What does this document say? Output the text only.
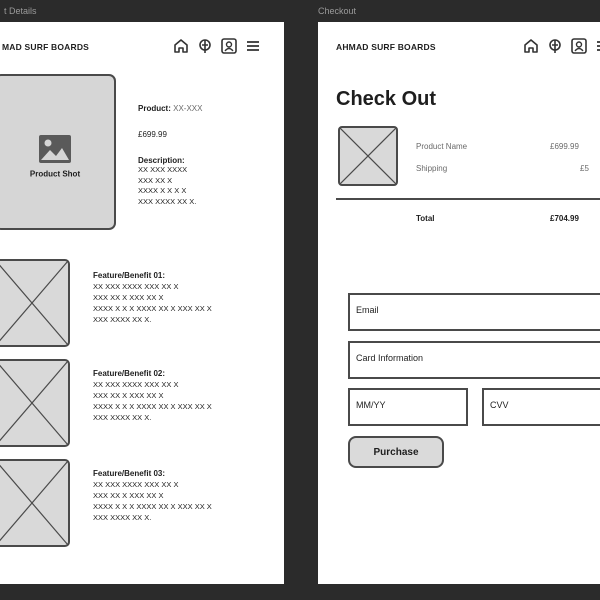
t Details	Checkout
MAD SURF BOARDS
Product Shot
Product: XX-XXX
£699.99
Description:
XX XXX XXXX
XXX XX X
XXXX X X X X
XXX XXXX XX X.
Feature/Benefit 01:
XX XXX XXXX XXX XX X
XXX XX X XXX XX X
XXXX X X X XXXX XX X XXX XX X
XXX XXXX XX X.
Feature/Benefit 02:
XX XXX XXXX XXX XX X
XXX XX X XXX XX X
XXXX X X X XXXX XX X XXX XX X
XXX XXXX XX X.
Feature/Benefit 03:
XX XXX XXXX XXX XX X
XXX XX X XXX XX X
XXXX X X X XXXX XX X XXX XX X
XXX XXXX XX X.
AHMAD SURF BOARDS
Check Out
Product Name	£699.99
Shipping	£5
Total	£704.99
Email
Card Information
MM/YY	CVV
Purchase
